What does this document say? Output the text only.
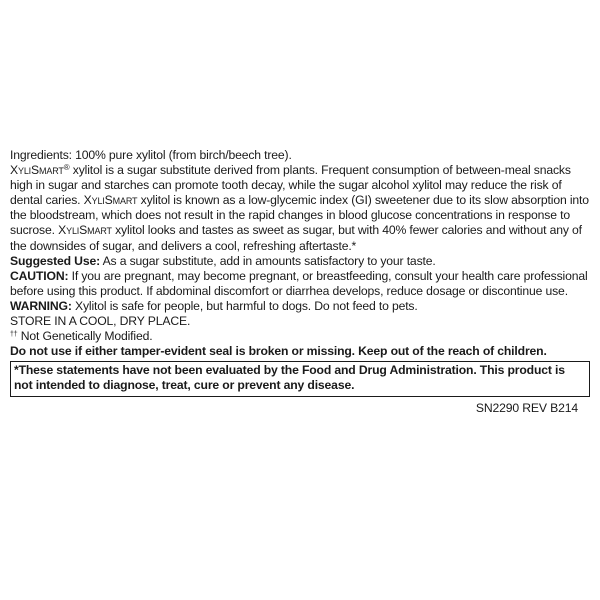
Ingredients: 100% pure xylitol (from birch/beech tree).

XyliSmart® xylitol is a sugar substitute derived from plants. Frequent consumption of between-meal snacks high in sugar and starches can promote tooth decay, while the sugar alcohol xylitol may reduce the risk of dental caries. XyliSmart xylitol is known as a low-glycemic index (GI) sweetener due to its slow absorption into the bloodstream, which does not result in the rapid changes in blood glucose concentrations in response to sucrose. XyliSmart xylitol looks and tastes as sweet as sugar, but with 40% fewer calories and without any of the downsides of sugar, and delivers a cool, refreshing aftertaste.*

Suggested Use: As a sugar substitute, add in amounts satisfactory to your taste.

CAUTION: If you are pregnant, may become pregnant, or breastfeeding, consult your health care professional before using this product. If abdominal discomfort or diarrhea develops, reduce dosage or discontinue use.

WARNING: Xylitol is safe for people, but harmful to dogs. Do not feed to pets.

STORE IN A COOL, DRY PLACE.

†† Not Genetically Modified.

Do not use if either tamper-evident seal is broken or missing. Keep out of the reach of children.

*These statements have not been evaluated by the Food and Drug Administration. This product is not intended to diagnose, treat, cure or prevent any disease.
SN2290 REV B214
